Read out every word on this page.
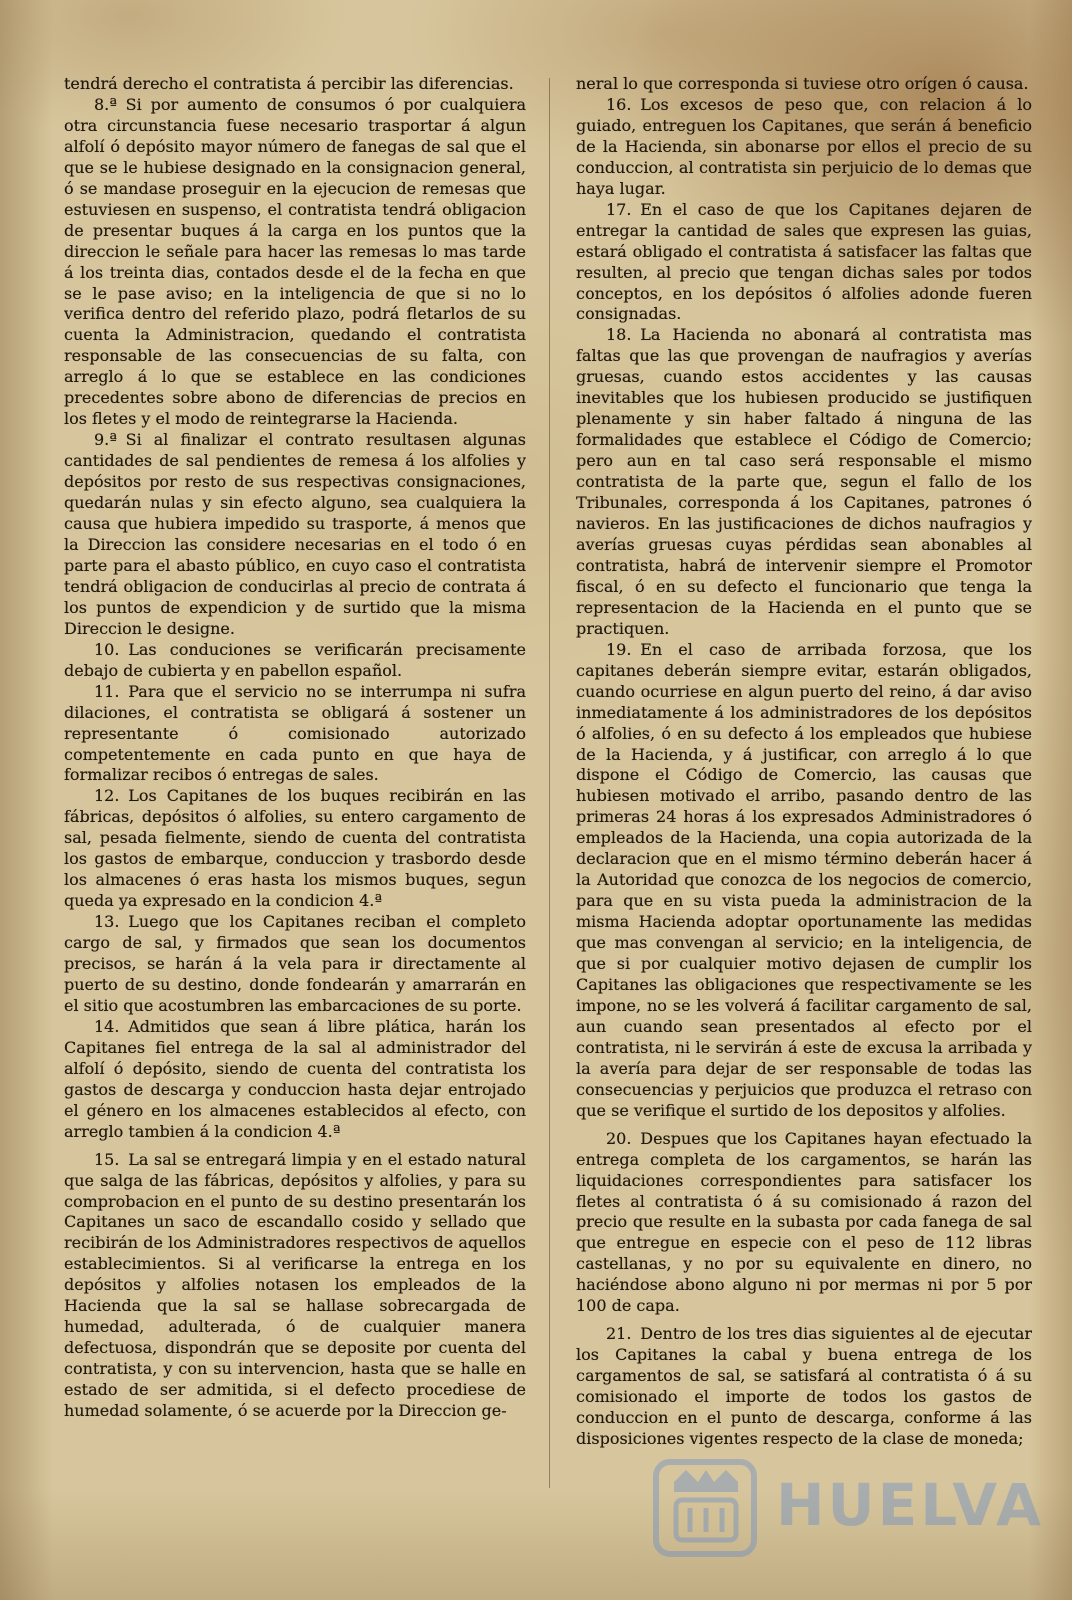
tendrá derecho el contratista á percibir las diferencias.

8.ª Si por aumento de consumos ó por cualquiera otra circunstancia fuese necesario trasportar á algun alfolí ó depósito mayor número de fanegas de sal que el que se le hubiese designado en la consignacion general, ó se mandase proseguir en la ejecucion de remesas que estuviesen en suspenso, el contratista tendrá obligacion de presentar buques á la carga en los puntos que la direccion le señale para hacer las remesas lo mas tarde á los treinta dias, contados desde el de la fecha en que se le pase aviso; en la inteligencia de que si no lo verifica dentro del referido plazo, podrá fletarlos de su cuenta la Administracion, quedando el contratista responsable de las consecuencias de su falta, con arreglo á lo que se establece en las condiciones precedentes sobre abono de diferencias de precios en los fletes y el modo de reintegrarse la Hacienda.

9.ª Si al finalizar el contrato resultasen algunas cantidades de sal pendientes de remesa á los alfolies y depósitos por resto de sus respectivas consignaciones, quedarán nulas y sin efecto alguno, sea cualquiera la causa que hubiera impedido su trasporte, á menos que la Direccion las considere necesarias en el todo ó en parte para el abasto público, en cuyo caso el contratista tendrá obligacion de conducirlas al precio de contrata á los puntos de expendicion y de surtido que la misma Direccion le designe.

10. Las conduciones se verificarán precisamente debajo de cubierta y en pabellon español.

11. Para que el servicio no se interrumpa ni sufra dilaciones, el contratista se obligará á sostener un representante ó comisionado autorizado competentemente en cada punto en que haya de formalizar recibos ó entregas de sales.

12. Los Capitanes de los buques recibirán en las fábricas, depósitos ó alfolies, su entero cargamento de sal, pesada fielmente, siendo de cuenta del contratista los gastos de embarque, conduccion y trasbordo desde los almacenes ó eras hasta los mismos buques, segun queda ya expresado en la condicion 4.ª

13. Luego que los Capitanes reciban el completo cargo de sal, y firmados que sean los documentos precisos, se harán á la vela para ir directamente al puerto de su destino, donde fondearán y amarrarán en el sitio que acostumbren las embarcaciones de su porte.

14. Admitidos que sean á libre plática, harán los Capitanes fiel entrega de la sal al administrador del alfolí ó depósito, siendo de cuenta del contratista los gastos de descarga y conduccion hasta dejar entrojado el género en los almacenes establecidos al efecto, con arreglo tambien á la condicion 4.ª

15. La sal se entregará limpia y en el estado natural que salga de las fábricas, depósitos y alfolies, y para su comprobacion en el punto de su destino presentarán los Capitanes un saco de escandallo cosido y sellado que recibirán de los Administradores respectivos de aquellos establecimientos. Si al verificarse la entrega en los depósitos y alfolies notasen los empleados de la Hacienda que la sal se hallase sobrecargada de humedad, adulterada, ó de cualquier manera defectuosa, dispondrán que se deposite por cuenta del contratista, y con su intervencion, hasta que se halle en estado de ser admitida, si el defecto procediese de humedad solamente, ó se acuerde por la Direccion ge-

neral lo que corresponda si tuviese otro orígen ó causa.

16. Los excesos de peso que, con relacion á lo guiado, entreguen los Capitanes, que serán á beneficio de la Hacienda, sin abonarse por ellos el precio de su conduccion, al contratista sin perjuicio de lo demas que haya lugar.

17. En el caso de que los Capitanes dejaren de entregar la cantidad de sales que expresen las guias, estará obligado el contratista á satisfacer las faltas que resulten, al precio que tengan dichas sales por todos conceptos, en los depósitos ó alfolies adonde fueren consignadas.

18. La Hacienda no abonará al contratista mas faltas que las que provengan de naufragios y averías gruesas, cuando estos accidentes y las causas inevitables que los hubiesen producido se justifiquen plenamente y sin haber faltado á ninguna de las formalidades que establece el Código de Comercio; pero aun en tal caso será responsable el mismo contratista de la parte que, segun el fallo de los Tribunales, corresponda á los Capitanes, patrones ó navieros. En las justificaciones de dichos naufragios y averías gruesas cuyas pérdidas sean abonables al contratista, habrá de intervenir siempre el Promotor fiscal, ó en su defecto el funcionario que tenga la representacion de la Hacienda en el punto que se practiquen.

19. En el caso de arribada forzosa, que los capitanes deberán siempre evitar, estarán obligados, cuando ocurriese en algun puerto del reino, á dar aviso inmediatamente á los administradores de los depósitos ó alfolies, ó en su defecto á los empleados que hubiese de la Hacienda, y á justificar, con arreglo á lo que dispone el Código de Comercio, las causas que hubiesen motivado el arribo, pasando dentro de las primeras 24 horas á los expresados Administradores ó empleados de la Hacienda, una copia autorizada de la declaracion que en el mismo término deberán hacer á la Autoridad que conozca de los negocios de comercio, para que en su vista pueda la administracion de la misma Hacienda adoptar oportunamente las medidas que mas convengan al servicio; en la inteligencia, de que si por cualquier motivo dejasen de cumplir los Capitanes las obligaciones que respectivamente se les impone, no se les volverá á facilitar cargamento de sal, aun cuando sean presentados al efecto por el contratista, ni le servirán á este de excusa la arribada y la avería para dejar de ser responsable de todas las consecuencias y perjuicios que produzca el retraso con que se verifique el surtido de los depositos y alfolies.

20. Despues que los Capitanes hayan efectuado la entrega completa de los cargamentos, se harán las liquidaciones correspondientes para satisfacer los fletes al contratista ó á su comisionado á razon del precio que resulte en la subasta por cada fanega de sal que entregue en especie con el peso de 112 libras castellanas, y no por su equivalente en dinero, no haciéndose abono alguno ni por mermas ni por 5 por 100 de capa.

21. Dentro de los tres dias siguientes al de ejecutar los Capitanes la cabal y buena entrega de los cargamentos de sal, se satisfará al contratista ó á su comisionado el importe de todos los gastos de conduccion en el punto de descarga, conforme á las disposiciones vigentes respecto de la clase de moneda;

HUELVA
